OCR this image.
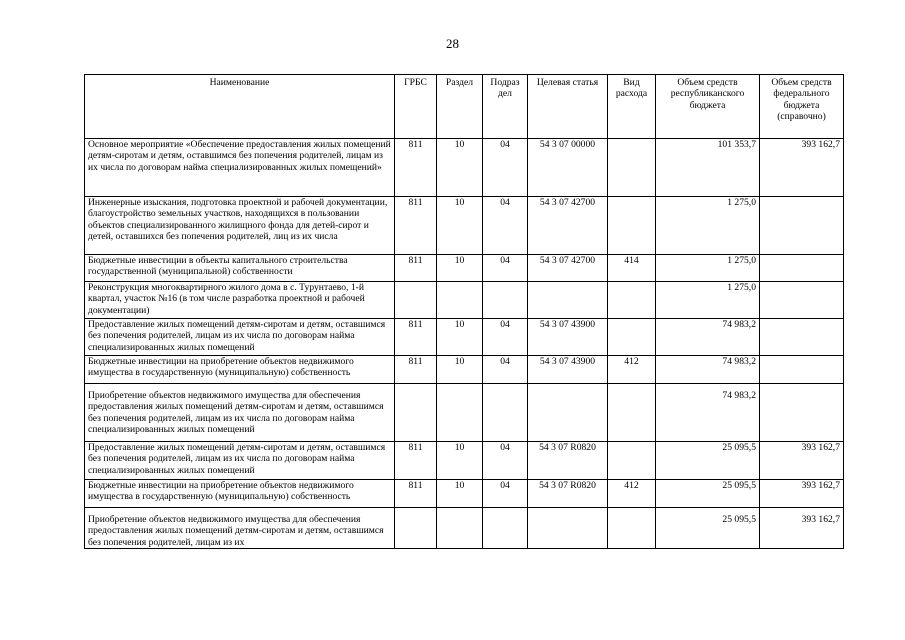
28
Наименование	ГРБС	Раздел	Подраз дел	Целевая статья	Вид расхода	Объем средств республиканского бюджета	Объем средств федерального бюджета (справочно)
Основное мероприятие «Обеспечение предоставления жилых помещений детям-сиротам и детям, оставшимся без попечения родителей, лицам из их числа по договорам найма специализированных жилых помещений»	811	10	04	54 3 07 00000		101 353,7	393 162,7
Инженерные изыскания, подготовка проектной и рабочей документации, благоустройство земельных участков, находящихся в пользовании объектов специализированного жилищного фонда для детей-сирот и детей, оставшихся без попечения родителей, лиц из их числа	811	10	04	54 3 07 42700		1 275,0	
Бюджетные инвестиции в объекты капитального строительства государственной (муниципальной) собственности	811	10	04	54 3 07 42700	414	1 275,0	
Реконструкция многоквартирного жилого дома в с. Турунтаево, 1-й квартал, участок №16 (в том числе разработка проектной и рабочей документации)						1 275,0	
Предоставление жилых помещений детям-сиротам и детям, оставшимся без попечения родителей, лицам из их числа по договорам найма специализированных жилых помещений	811	10	04	54 3 07 43900		74 983,2	
Бюджетные инвестиции на приобретение объектов недвижимого имущества в государственную (муниципальную) собственность	811	10	04	54 3 07 43900	412	74 983,2	
Приобретение объектов недвижимого имущества для обеспечения предоставления жилых помещений детям-сиротам и детям, оставшимся без попечения родителей, лицам из их числа по договорам найма специализированных жилых помещений						74 983,2	
Предоставление жилых помещений детям-сиротам и детям, оставшимся без попечения родителей, лицам из их числа по договорам найма специализированных жилых помещений	811	10	04	54 3 07 R0820		25 095,5	393 162,7
Бюджетные инвестиции на приобретение объектов недвижимого имущества в государственную (муниципальную) собственность	811	10	04	54 3 07 R0820	412	25 095,5	393 162,7
Приобретение объектов недвижимого имущества для обеспечения предоставления жилых помещений детям-сиротам и детям, оставшимся без попечения родителей, лицам из их						25 095,5	393 162,7
